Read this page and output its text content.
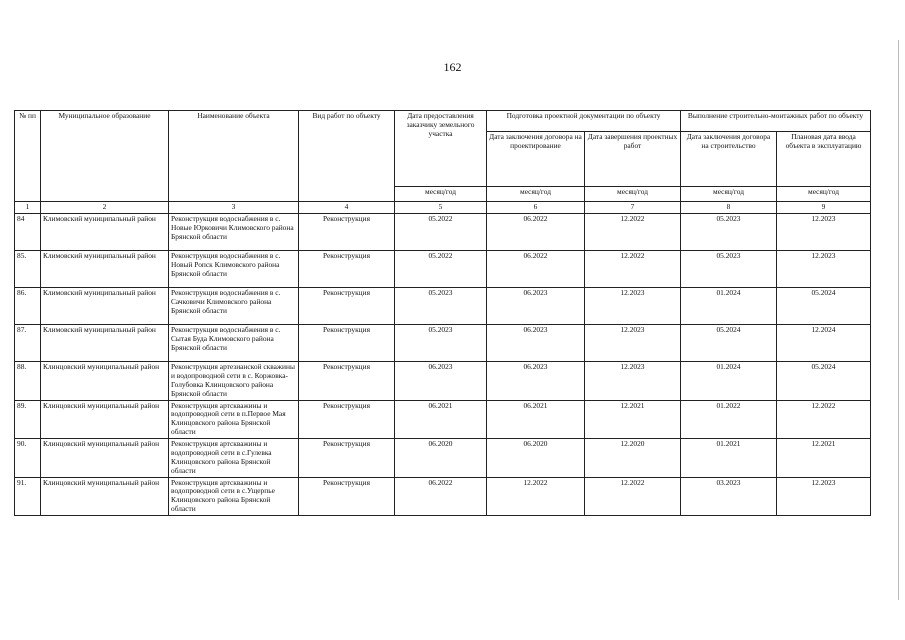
162
№ пп	Муниципальное образование	Наименование объекта	Вид работ по объекту	Дата предоставления заказчику земельного участка	Подготовка проектной документации по объекту		Выполнение строительно-монтажных работ по объекту	
					Дата заключения договора на проектирование	Дата завершения проектных работ	Дата заключения договора на строительство	Плановая дата ввода объекта в эксплуатацию
				месяц/год	месяц/год	месяц/год	месяц/год	месяц/год
1	2	3	4	5	6	7	8	9
84	Климовский муниципальный район	Реконструкция водоснабжения в с. Новые Юрковичи Климовского района Брянской области	Реконструкция	05.2022	06.2022	12.2022	05.2023	12.2023
85.	Климовский муниципальный район	Реконструкция водоснабжения в с. Новый Ропск Климовского района Брянской области	Реконструкция	05.2022	06.2022	12.2022	05.2023	12.2023
86.	Климовский муниципальный район	Реконструкция водоснабжения в с. Сачковичи Климовского района Брянской области	Реконструкция	05.2023	06.2023	12.2023	01.2024	05.2024
87.	Климовский муниципальный район	Реконструкция водоснабжения в с. Сытая Буда Климовского района Брянской области	Реконструкция	05.2023	06.2023	12.2023	05.2024	12.2024
88.	Клинцовский муниципальный район	Реконструкция артезианской скважины и водопроводной сети в с. Коржовка-Голубовка Клинцовского района Брянской области	Реконструкция	06.2023	06.2023	12.2023	01.2024	05.2024
89.	Клинцовский муниципальный район	Реконструкция артскважины и водопроводной сети в п.Первое Мая Клинцовского района Брянской области	Реконструкция	06.2021	06.2021	12.2021	01.2022	12.2022
90.	Клинцовский муниципальный район	Реконструкция артскважины и водопроводной сети в с.Гулевка Клинцовского района Брянской области	Реконструкция	06.2020	06.2020	12.2020	01.2021	12.2021
91.	Клинцовский муниципальный район	Реконструкция артскважины и водопроводной сети в с.Ущерпье Клинцовского района Брянской области	Реконструкция	06.2022	12.2022	12.2022	03.2023	12.2023
